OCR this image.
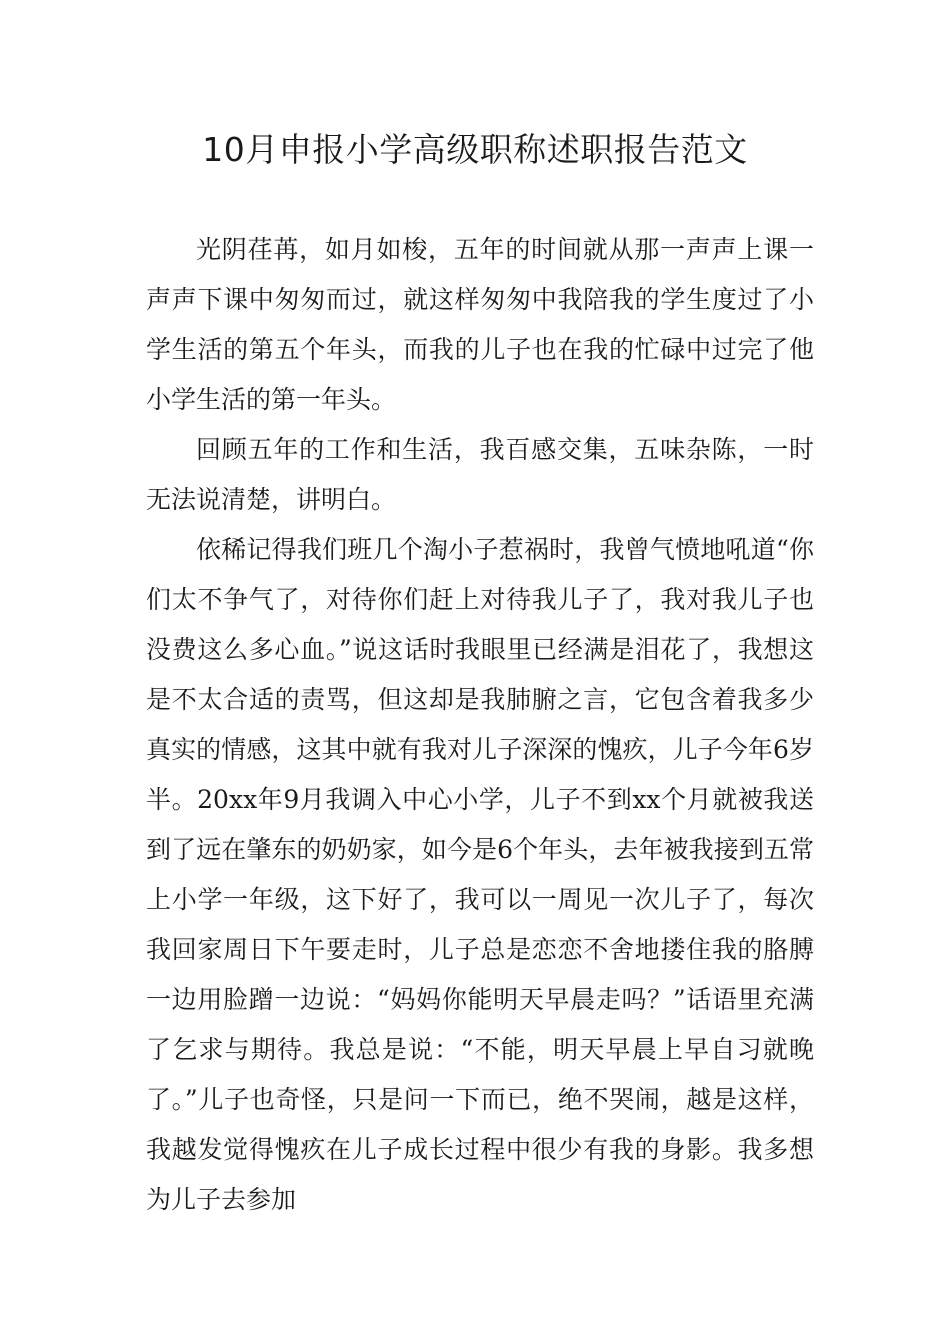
10月申报小学高级职称述职报告范文

光阴荏苒，如月如梭，五年的时间就从那一声声上课一声声下课中匆匆而过，就这样匆匆中我陪我的学生度过了小学生活的第五个年头，而我的儿子也在我的忙碌中过完了他小学生活的第一年头。

回顾五年的工作和生活，我百感交集，五味杂陈，一时无法说清楚，讲明白。

依稀记得我们班几个淘小子惹祸时，我曾气愤地吼道“你们太不争气了，对待你们赶上对待我儿子了，我对我儿子也没费这么多心血。”说这话时我眼里已经满是泪花了，我想这是不太合适的责骂，但这却是我肺腑之言，它包含着我多少真实的情感，这其中就有我对儿子深深的愧疚，儿子今年6岁半。20xx年9月我调入中心小学，儿子不到xx个月就被我送到了远在肇东的奶奶家，如今是6个年头，去年被我接到五常上小学一年级，这下好了，我可以一周见一次儿子了，每次我回家周日下午要走时，儿子总是恋恋不舍地搂住我的胳膊一边用脸蹭一边说：“妈妈你能明天早晨走吗？”话语里充满了乞求与期待。我总是说：“不能，明天早晨上早自习就晚了。”儿子也奇怪，只是问一下而已，绝不哭闹，越是这样，我越发觉得愧疚在儿子成长过程中很少有我的身影。我多想为儿子去参加
